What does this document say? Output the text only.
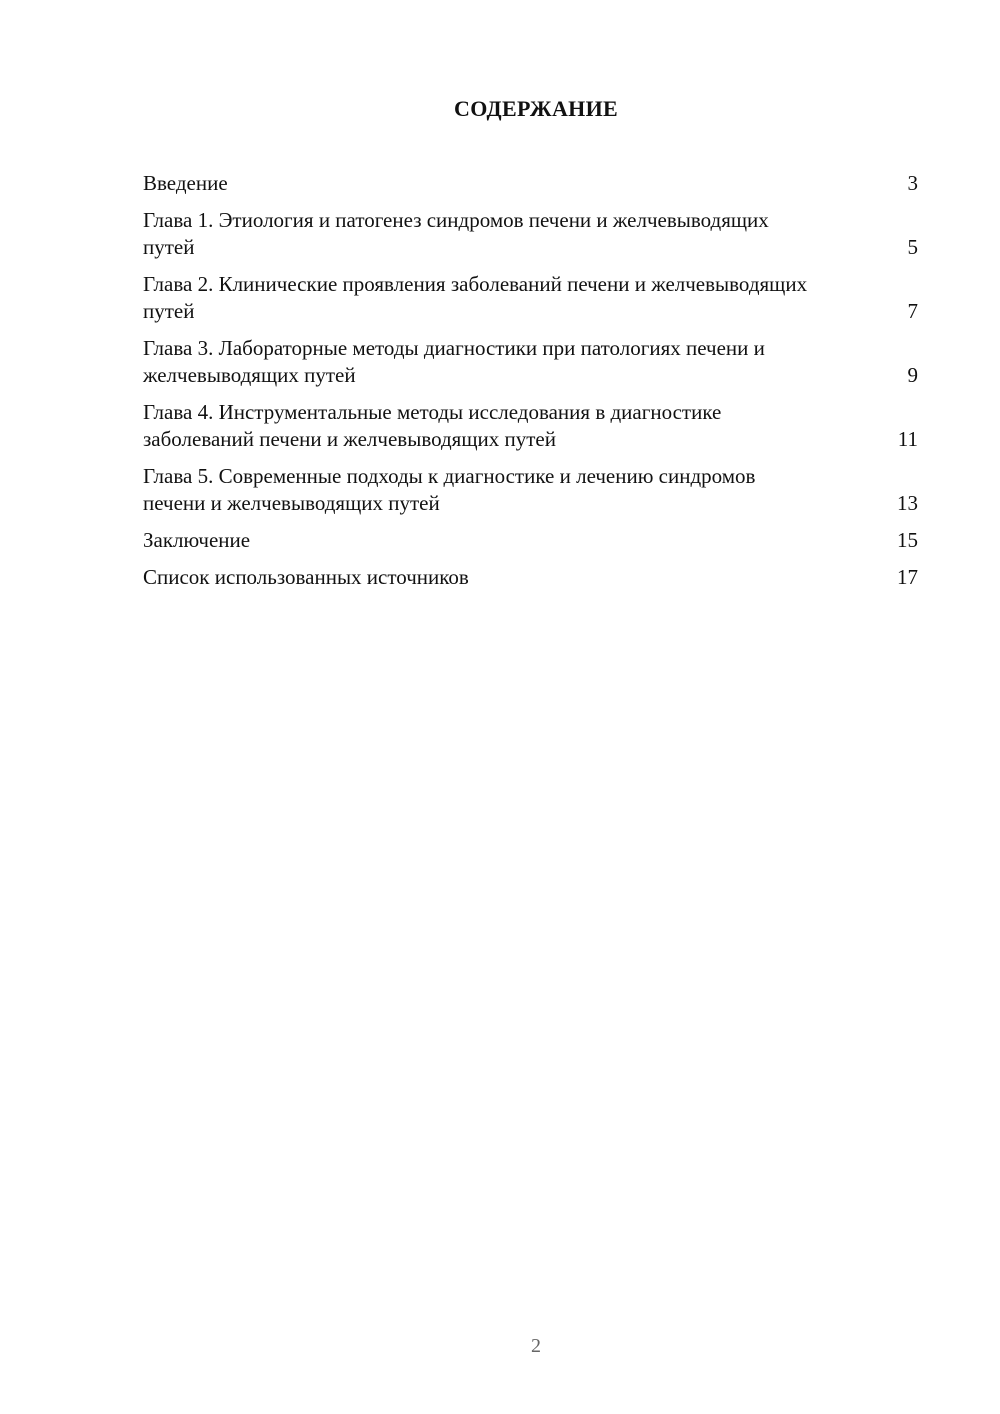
СОДЕРЖАНИЕ
Введение	3
Глава 1. Этиология и патогенез синдромов печени и желчевыводящих путей	5
Глава 2. Клинические проявления заболеваний печени и желчевыводящих путей	7
Глава 3. Лабораторные методы диагностики при патологиях печени и желчевыводящих путей	9
Глава 4. Инструментальные методы исследования в диагностике заболеваний печени и желчевыводящих путей	11
Глава 5. Современные подходы к диагностике и лечению синдромов печени и желчевыводящих путей	13
Заключение	15
Список использованных источников	17
2
